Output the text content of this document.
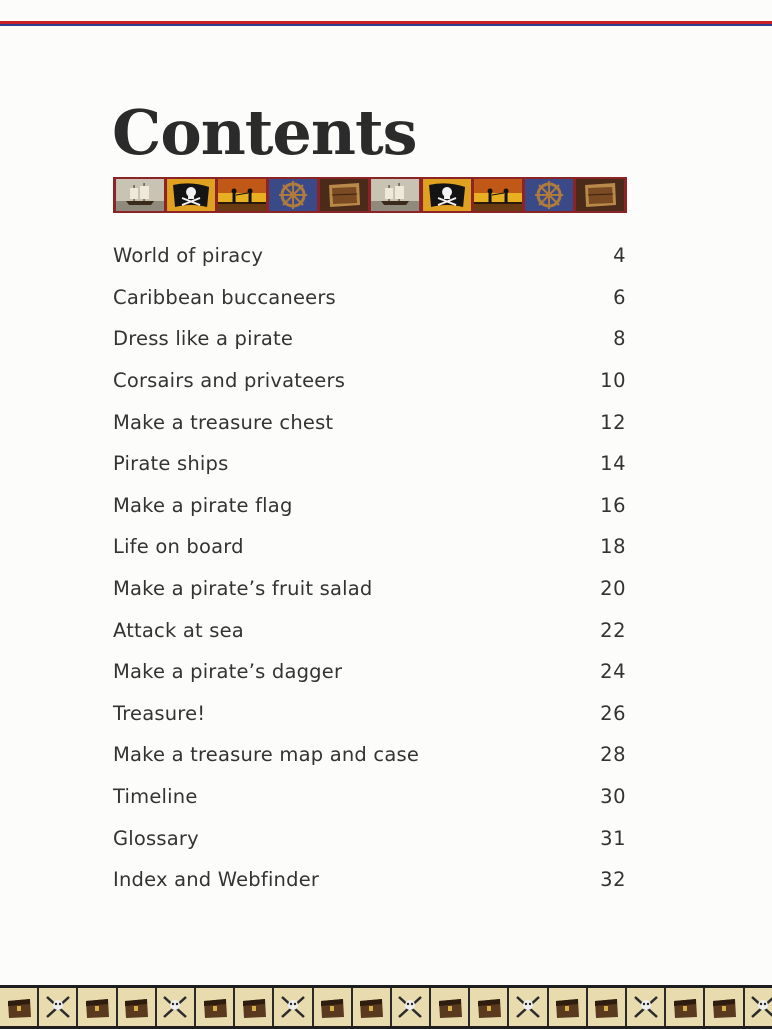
Contents
World of piracy	4
Caribbean buccaneers	6
Dress like a pirate	8
Corsairs and privateers	10
Make a treasure chest	12
Pirate ships	14
Make a pirate flag	16
Life on board	18
Make a pirate’s fruit salad	20
Attack at sea	22
Make a pirate’s dagger	24
Treasure!	26
Make a treasure map and case	28
Timeline	30
Glossary	31
Index and Webfinder	32
